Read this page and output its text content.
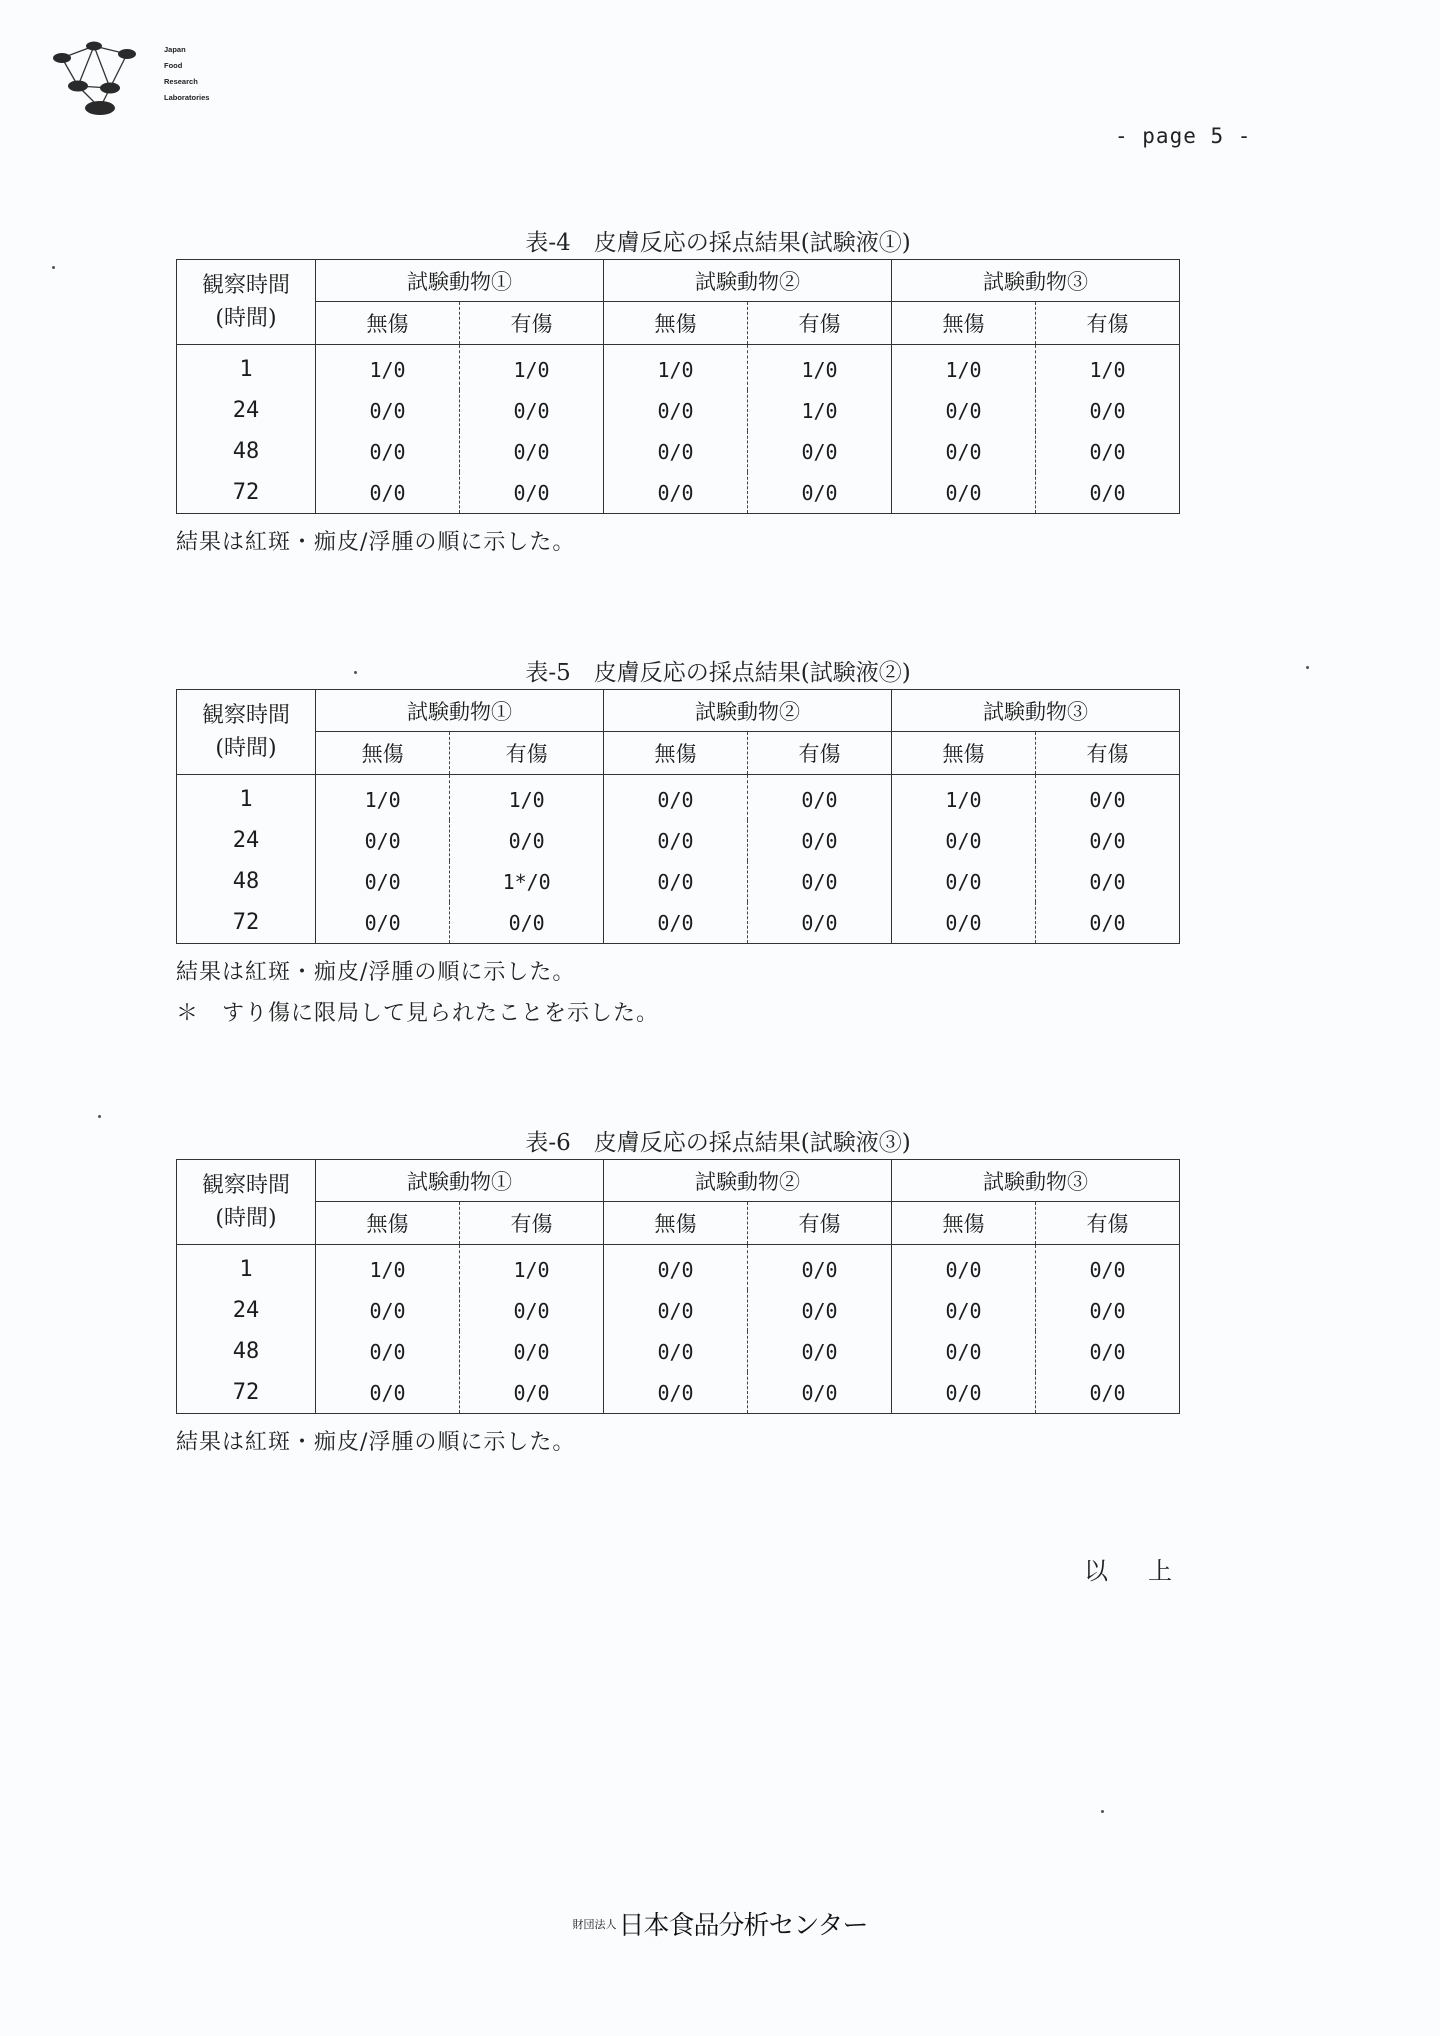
Japan
Food
Research
Laboratories
- page 5 -
表-4　皮膚反応の採点結果(試験液①)
観察時間
(時間)	試験動物①		試験動物②		試験動物③	
	無傷	有傷	無傷	有傷	無傷	有傷
1	1/0	1/0	1/0	1/0	1/0	1/0
24	0/0	0/0	0/0	1/0	0/0	0/0
48	0/0	0/0	0/0	0/0	0/0	0/0
72	0/0	0/0	0/0	0/0	0/0	0/0
結果は紅斑・痂皮/浮腫の順に示した。
表-5　皮膚反応の採点結果(試験液②)
観察時間
(時間)	試験動物①		試験動物②		試験動物③	
	無傷	有傷	無傷	有傷	無傷	有傷
1	1/0	1/0	0/0	0/0	1/0	0/0
24	0/0	0/0	0/0	0/0	0/0	0/0
48	0/0	1*/0	0/0	0/0	0/0	0/0
72	0/0	0/0	0/0	0/0	0/0	0/0
結果は紅斑・痂皮/浮腫の順に示した。
＊　すり傷に限局して見られたことを示した。
表-6　皮膚反応の採点結果(試験液③)
観察時間
(時間)	試験動物①		試験動物②		試験動物③	
	無傷	有傷	無傷	有傷	無傷	有傷
1	1/0	1/0	0/0	0/0	0/0	0/0
24	0/0	0/0	0/0	0/0	0/0	0/0
48	0/0	0/0	0/0	0/0	0/0	0/0
72	0/0	0/0	0/0	0/0	0/0	0/0
結果は紅斑・痂皮/浮腫の順に示した。
以 上
$^{財団法人}$日本食品分析センター
